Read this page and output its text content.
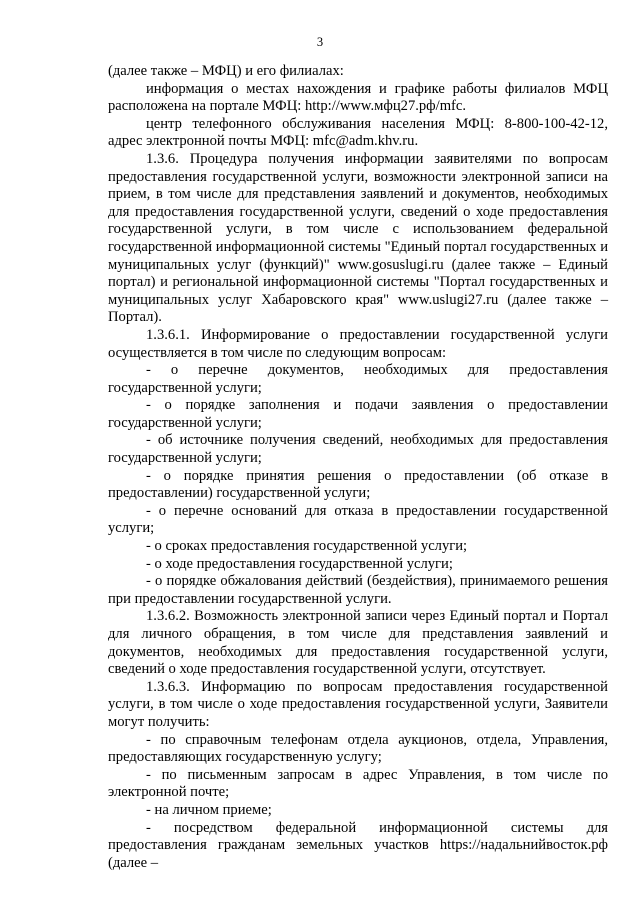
3

(далее также – МФЦ) и его филиалах:

информация о местах нахождения и графике работы филиалов МФЦ расположена на портале МФЦ: http://www.мфц27.рф/mfc.

центр телефонного обслуживания населения МФЦ: 8-800-100-42-12, адрес электронной почты МФЦ: mfc@adm.khv.ru.

1.3.6. Процедура получения информации заявителями по вопросам предоставления государственной услуги, возможности электронной записи на прием, в том числе для представления заявлений и документов, необходимых для предоставления государственной услуги, сведений о ходе предоставления государственной услуги, в том числе с использованием федеральной государственной информационной системы "Единый портал государственных и муниципальных услуг (функций)" www.gosuslugi.ru (далее также – Единый портал) и региональной информационной системы "Портал государственных и муниципальных услуг Хабаровского края" www.uslugi27.ru (далее также – Портал).

1.3.6.1. Информирование о предоставлении государственной услуги осуществляется в том числе по следующим вопросам:

- о перечне документов, необходимых для предоставления государственной услуги;

- о порядке заполнения и подачи заявления о предоставлении государственной услуги;

- об источнике получения сведений, необходимых для предоставления государственной услуги;

- о порядке принятия решения о предоставлении (об отказе в предоставлении) государственной услуги;

- о перечне оснований для отказа в предоставлении государственной услуги;

- о сроках предоставления государственной услуги;

- о ходе предоставления государственной услуги;

- о порядке обжалования действий (бездействия), принимаемого решения при предоставлении государственной услуги.

1.3.6.2. Возможность электронной записи через Единый портал и Портал для личного обращения, в том числе для представления заявлений и документов, необходимых для предоставления государственной услуги, сведений о ходе предоставления государственной услуги, отсутствует.

1.3.6.3. Информацию по вопросам предоставления государственной услуги, в том числе о ходе предоставления государственной услуги, Заявители могут получить:

- по справочным телефонам отдела аукционов, отдела, Управления, предоставляющих государственную услугу;

- по письменным запросам в адрес Управления, в том числе по электронной почте;

- на личном приеме;

- посредством федеральной информационной системы для предоставления гражданам земельных участков https://надальнийвосток.рф (далее –
